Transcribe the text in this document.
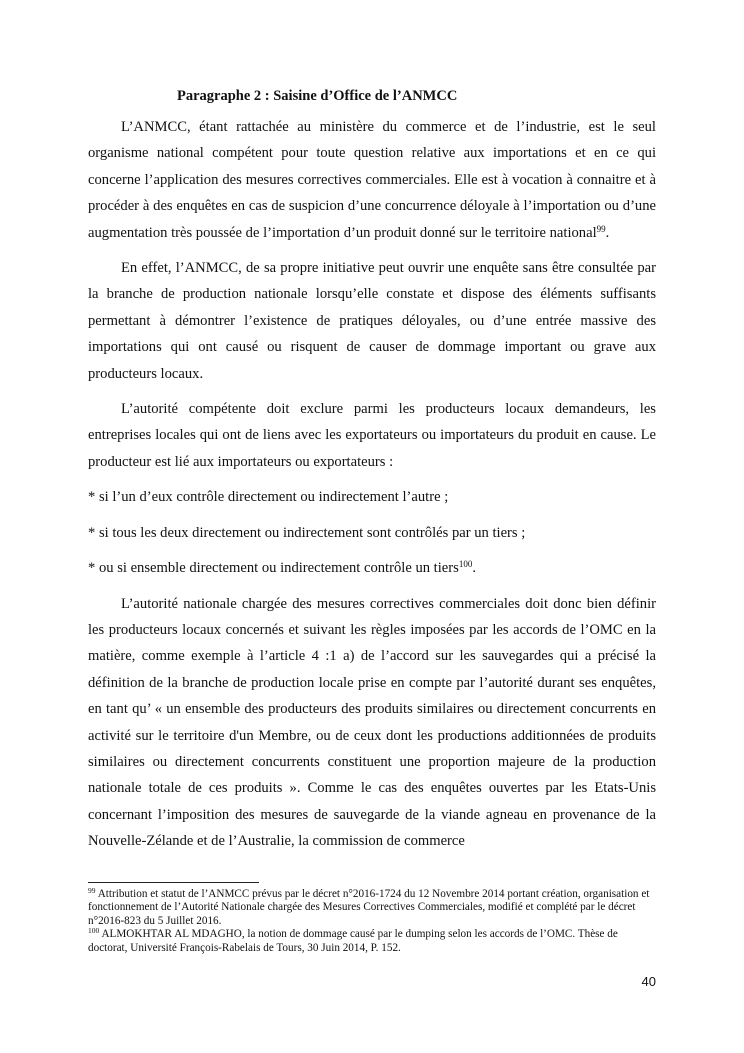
Paragraphe 2 : Saisine d’Office de l’ANMCC

L’ANMCC, étant rattachée au ministère du commerce et de l’industrie, est le seul organisme national compétent pour toute question relative aux importations et en ce qui concerne l’application des mesures correctives commerciales. Elle est à vocation à connaitre et à procéder à des enquêtes en cas de suspicion d’une concurrence déloyale à l’importation ou d’une augmentation très poussée de l’importation d’un produit donné sur le territoire national$^{99}$.

En effet, l’ANMCC, de sa propre initiative peut ouvrir une enquête sans être consultée par la branche de production nationale lorsqu’elle constate et dispose des éléments suffisants permettant à démontrer l’existence de pratiques déloyales, ou d’une entrée massive des importations qui ont causé ou risquent de causer de dommage important ou grave aux producteurs locaux.

L’autorité compétente doit exclure parmi les producteurs locaux demandeurs, les entreprises locales qui ont de liens avec les exportateurs ou importateurs du produit en cause. Le producteur est lié aux importateurs ou exportateurs :

* si l’un d’eux contrôle directement ou indirectement l’autre ;

* si tous les deux directement ou indirectement sont contrôlés par un tiers ;

* ou si ensemble directement ou indirectement contrôle un tiers$^{100}$.

L’autorité nationale chargée des mesures correctives commerciales doit donc bien définir les producteurs locaux concernés et suivant les règles imposées par les accords de l’OMC en la matière, comme exemple à l’article 4 :1 a) de l’accord sur les sauvegardes qui a précisé la définition de la branche de production locale prise en compte par l’autorité durant ses enquêtes, en tant qu’ « un ensemble des producteurs des produits similaires ou directement concurrents en activité sur le territoire d'un Membre, ou de ceux dont les productions additionnées de produits similaires ou directement concurrents constituent une proportion majeure de la production nationale totale de ces produits ». Comme le cas des enquêtes ouvertes par les Etats-Unis concernant l’imposition des mesures de sauvegarde de la viande agneau en provenance de la Nouvelle-Zélande et de l’Australie, la commission de commerce

$^{99}$ Attribution et statut de l’ANMCC prévus par le décret n°2016-1724 du 12 Novembre 2014 portant création, organisation et fonctionnement de l’Autorité Nationale chargée des Mesures Correctives Commerciales, modifié et complété par le décret n°2016-823 du 5 Juillet 2016.

$^{100}$ ALMOKHTAR AL MDAGHO, la notion de dommage causé par le dumping selon les accords de l’OMC. Thèse de doctorat, Université François-Rabelais de Tours, 30 Juin 2014, P. 152.

40
